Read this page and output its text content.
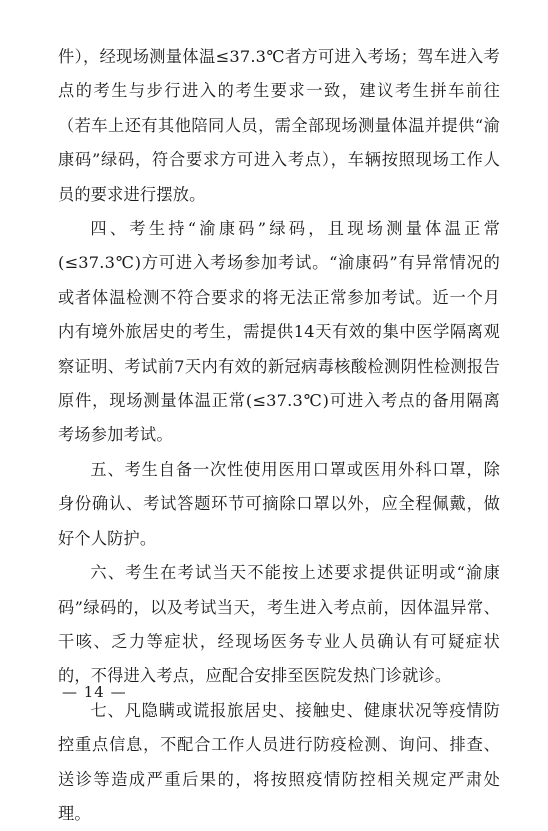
件），经现场测量体温≤37.3℃者方可进入考场；驾车进入考点的考生与步行进入的考生要求一致，建议考生拼车前往（若车上还有其他陪同人员，需全部现场测量体温并提供“渝康码”绿码，符合要求方可进入考点），车辆按照现场工作人员的要求进行摆放。

四、考生持“渝康码”绿码，且现场测量体温正常(≤37.3℃)方可进入考场参加考试。“渝康码”有异常情况的或者体温检测不符合要求的将无法正常参加考试。近一个月内有境外旅居史的考生，需提供14天有效的集中医学隔离观察证明、考试前7天内有效的新冠病毒核酸检测阴性检测报告原件，现场测量体温正常(≤37.3℃)可进入考点的备用隔离考场参加考试。

五、考生自备一次性使用医用口罩或医用外科口罩，除身份确认、考试答题环节可摘除口罩以外，应全程佩戴，做好个人防护。

六、考生在考试当天不能按上述要求提供证明或“渝康码”绿码的，以及考试当天，考生进入考点前，因体温异常、干咳、乏力等症状，经现场医务专业人员确认有可疑症状的，不得进入考点，应配合安排至医院发热门诊就诊。

七、凡隐瞒或谎报旅居史、接触史、健康状况等疫情防控重点信息，不配合工作人员进行防疫检测、询问、排查、送诊等造成严重后果的，将按照疫情防控相关规定严肃处理。

— 14 —
